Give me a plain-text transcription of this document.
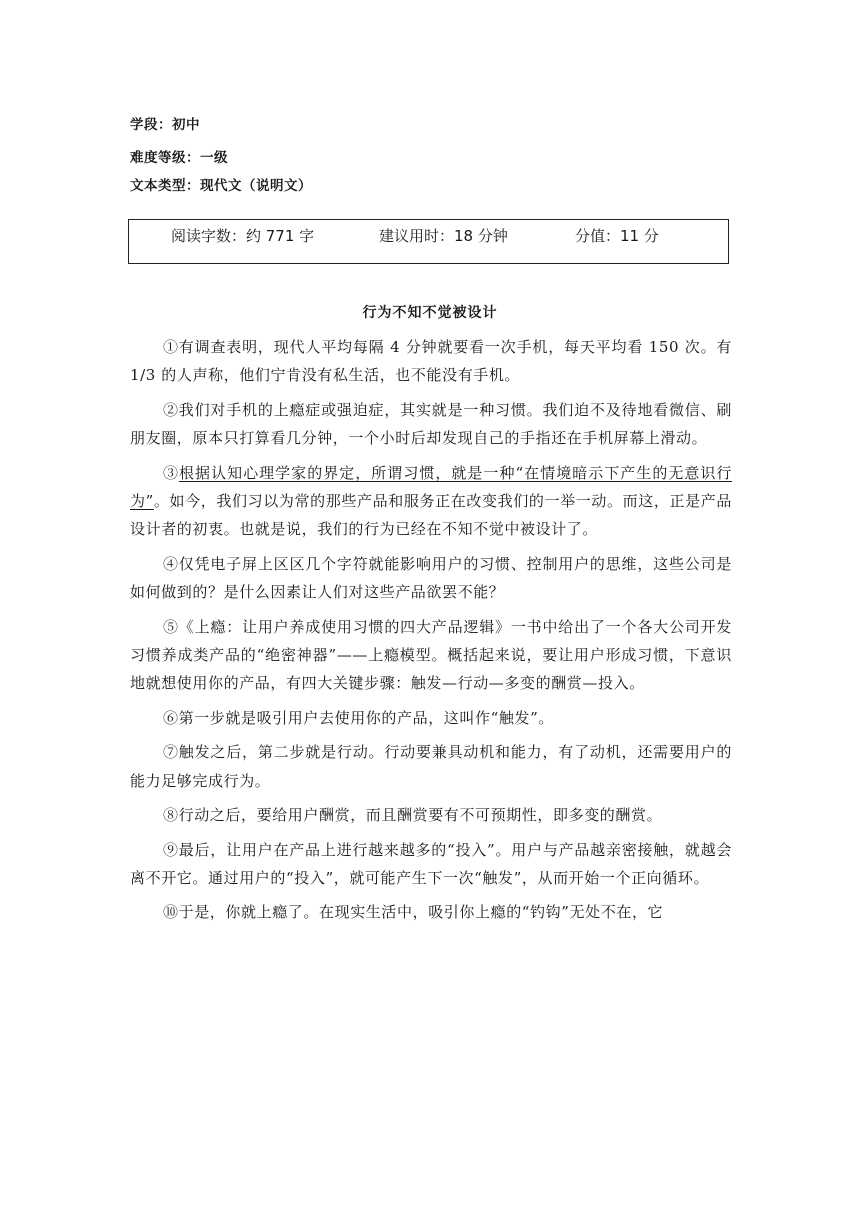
学段：初中
难度等级：一级
文本类型：现代文（说明文）
阅读字数：约 771 字	建议用时：18 分钟	分值：11 分
行为不知不觉被设计

①有调查表明，现代人平均每隔 4 分钟就要看一次手机，每天平均看 150 次。有 1/3 的人声称，他们宁肯没有私生活，也不能没有手机。

②我们对手机的上瘾症或强迫症，其实就是一种习惯。我们迫不及待地看微信、刷朋友圈，原本只打算看几分钟，一个小时后却发现自己的手指还在手机屏幕上滑动。

③根据认知心理学家的界定，所谓习惯，就是一种“在情境暗示下产生的无意识行为”。如今，我们习以为常的那些产品和服务正在改变我们的一举一动。而这，正是产品设计者的初衷。也就是说，我们的行为已经在不知不觉中被设计了。

④仅凭电子屏上区区几个字符就能影响用户的习惯、控制用户的思维，这些公司是如何做到的？是什么因素让人们对这些产品欲罢不能？

⑤《上瘾：让用户养成使用习惯的四大产品逻辑》一书中给出了一个各大公司开发习惯养成类产品的“绝密神器”——上瘾模型。概括起来说，要让用户形成习惯，下意识地就想使用你的产品，有四大关键步骤：触发—行动—多变的酬赏—投入。

⑥第一步就是吸引用户去使用你的产品，这叫作“触发”。

⑦触发之后，第二步就是行动。行动要兼具动机和能力，有了动机，还需要用户的能力足够完成行为。

⑧行动之后，要给用户酬赏，而且酬赏要有不可预期性，即多变的酬赏。

⑨最后，让用户在产品上进行越来越多的“投入”。用户与产品越亲密接触，就越会离不开它。通过用户的“投入”，就可能产生下一次“触发”，从而开始一个正向循环。

⑩于是，你就上瘾了。在现实生活中，吸引你上瘾的“钓钩”无处不在，它
